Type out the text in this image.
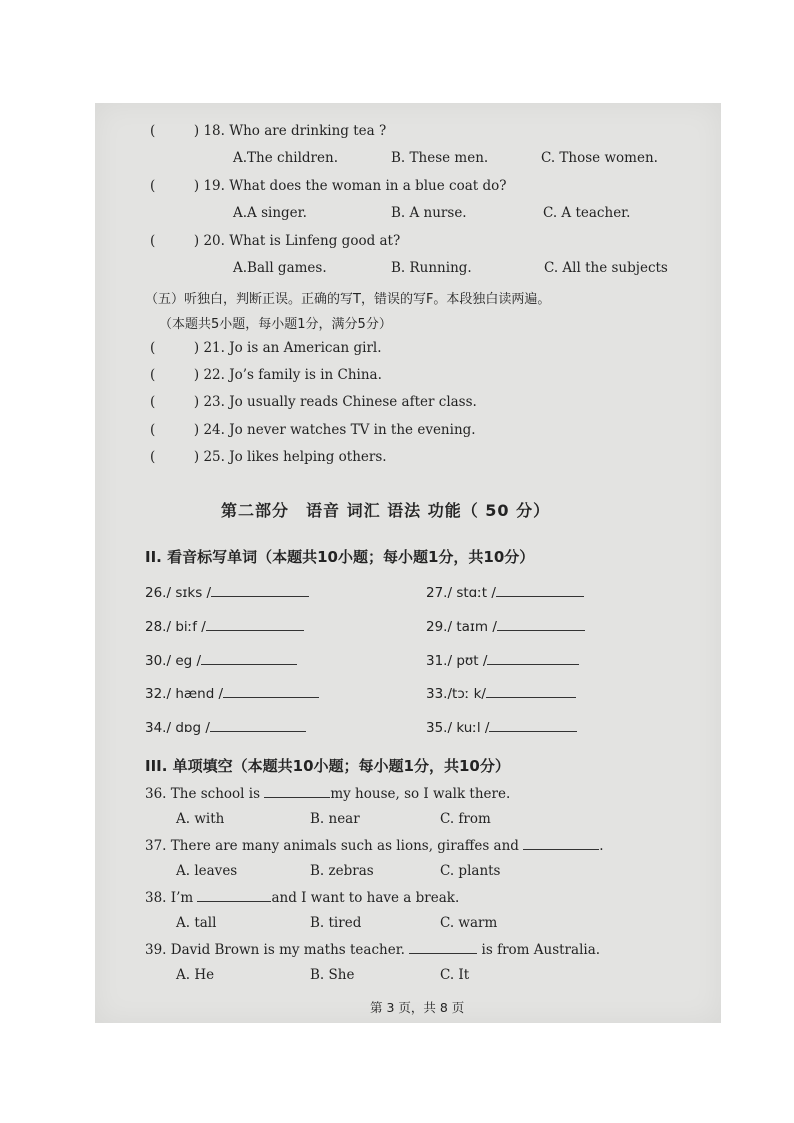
(	) 18. Who are drinking tea ?
A.The children.	B. These men.	C. Those women.
(	) 19. What does the woman in a blue coat do?
A.A singer.	B. A nurse.	C. A teacher.
(	) 20. What is Linfeng good at?
A.Ball games.	B. Running.	C. All the subjects
（五）听独白，判断正误。正确的写T，错误的写F。本段独白读两遍。
（本题共5小题，每小题1分，满分5分）
(	) 21. Jo is an American girl.
(	) 22. Jo’s family is in China.
(	) 23. Jo usually reads Chinese after class.
(	) 24. Jo never watches TV in the evening.
(	) 25. Jo likes helping others.
第二部分　语音 词汇 语法 功能（ 50 分）
II. 看音标写单词（本题共10小题；每小题1分，共10分）
26./ sɪks /	27./ stɑːt /
28./ biːf /	29./ taɪm /
30./ eg /	31./ pʊt /
32./ hænd /	33./tɔː k/
34./ dɒg /	35./ kuːl /
III. 单项填空（本题共10小题；每小题1分，共10分）
36. The school is	my house, so I walk there.
A. with	B. near	C. from
37. There are many animals such as lions, giraffes and	.
A. leaves	B. zebras	C. plants
38. I’m	and I want to have a break.
A. tall	B. tired	C. warm
39. David Brown is my maths teacher.	is from Australia.
A. He	B. She	C. It
第 3 页，共 8 页
